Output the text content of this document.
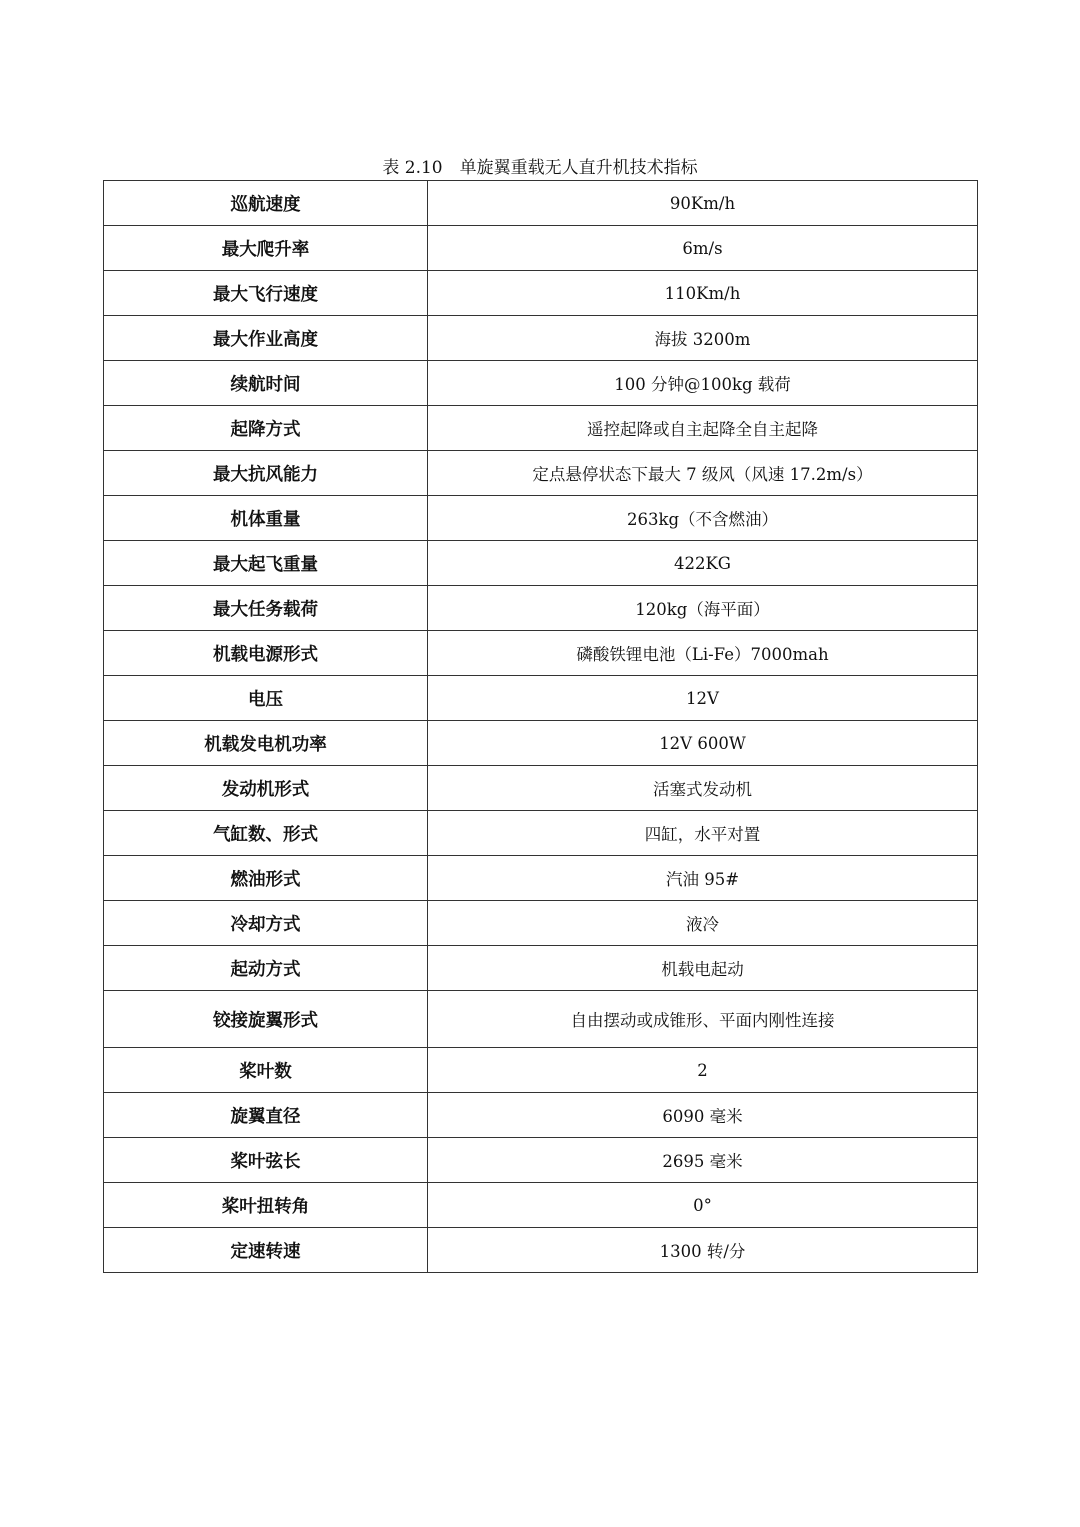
表 2.10　单旋翼重载无人直升机技术指标
巡航速度	90Km/h
最大爬升率	6m/s
最大飞行速度	110Km/h
最大作业高度	海拔 3200m
续航时间	100 分钟@100kg 载荷
起降方式	遥控起降或自主起降全自主起降
最大抗风能力	定点悬停状态下最大 7 级风（风速 17.2m/s）
机体重量	263kg（不含燃油）
最大起飞重量	422KG
最大任务载荷	120kg（海平面）
机载电源形式	磷酸铁锂电池（Li-Fe）7000mah
电压	12V
机载发电机功率	12V 600W
发动机形式	活塞式发动机
气缸数、形式	四缸，水平对置
燃油形式	汽油 95#
冷却方式	液冷
起动方式	机载电起动
铰接旋翼形式	自由摆动或成锥形、平面内刚性连接
桨叶数	2
旋翼直径	6090 毫米
桨叶弦长	2695 毫米
桨叶扭转角	0°
定速转速	1300 转/分
